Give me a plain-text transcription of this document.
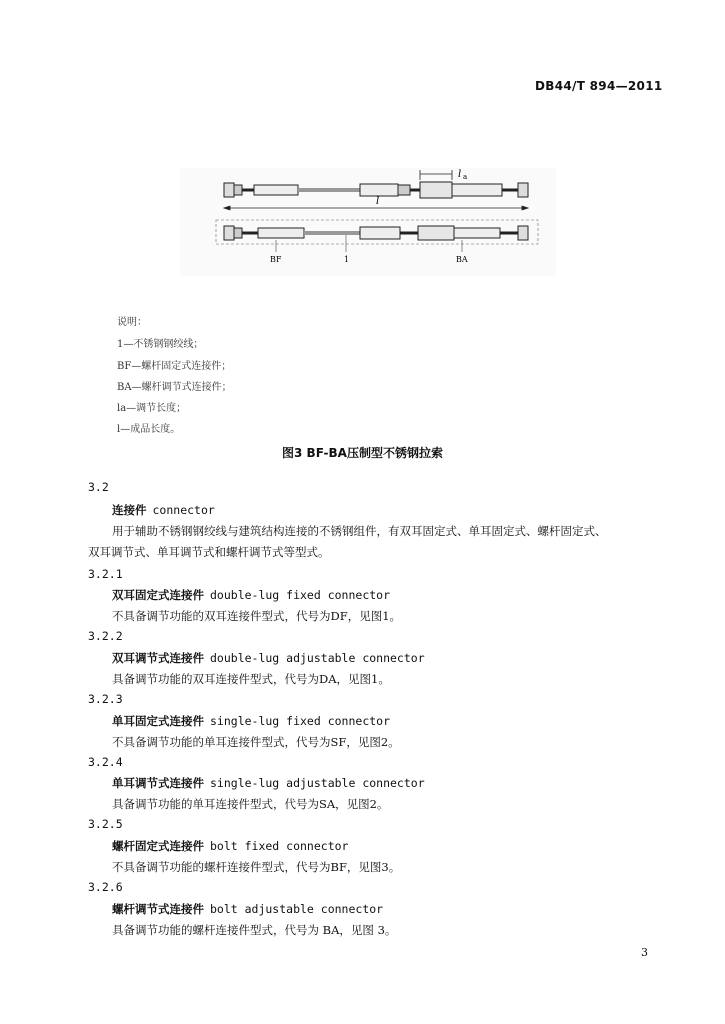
DB44/T 894—2011
l a
l
BF	1	BA
说明：
1—不锈钢钢绞线；
BF—螺杆固定式连接件；
BA—螺杆调节式连接件；
la—调节长度；
l—成品长度。
图3 BF-BA压制型不锈钢拉索
3.2
连接件 connector
用于辅助不锈钢钢绞线与建筑结构连接的不锈钢组件，有双耳固定式、单耳固定式、螺杆固定式、
双耳调节式、单耳调节式和螺杆调节式等型式。
3.2.1
双耳固定式连接件 double-lug fixed connector
不具备调节功能的双耳连接件型式，代号为DF，见图1。
3.2.2
双耳调节式连接件 double-lug adjustable connector
具备调节功能的双耳连接件型式，代号为DA，见图1。
3.2.3
单耳固定式连接件 single-lug fixed connector
不具备调节功能的单耳连接件型式，代号为SF，见图2。
3.2.4
单耳调节式连接件 single-lug adjustable connector
具备调节功能的单耳连接件型式，代号为SA，见图2。
3.2.5
螺杆固定式连接件 bolt fixed connector
不具备调节功能的螺杆连接件型式，代号为BF，见图3。
3.2.6
螺杆调节式连接件 bolt adjustable connector
具备调节功能的螺杆连接件型式，代号为 BA，见图 3。
3
